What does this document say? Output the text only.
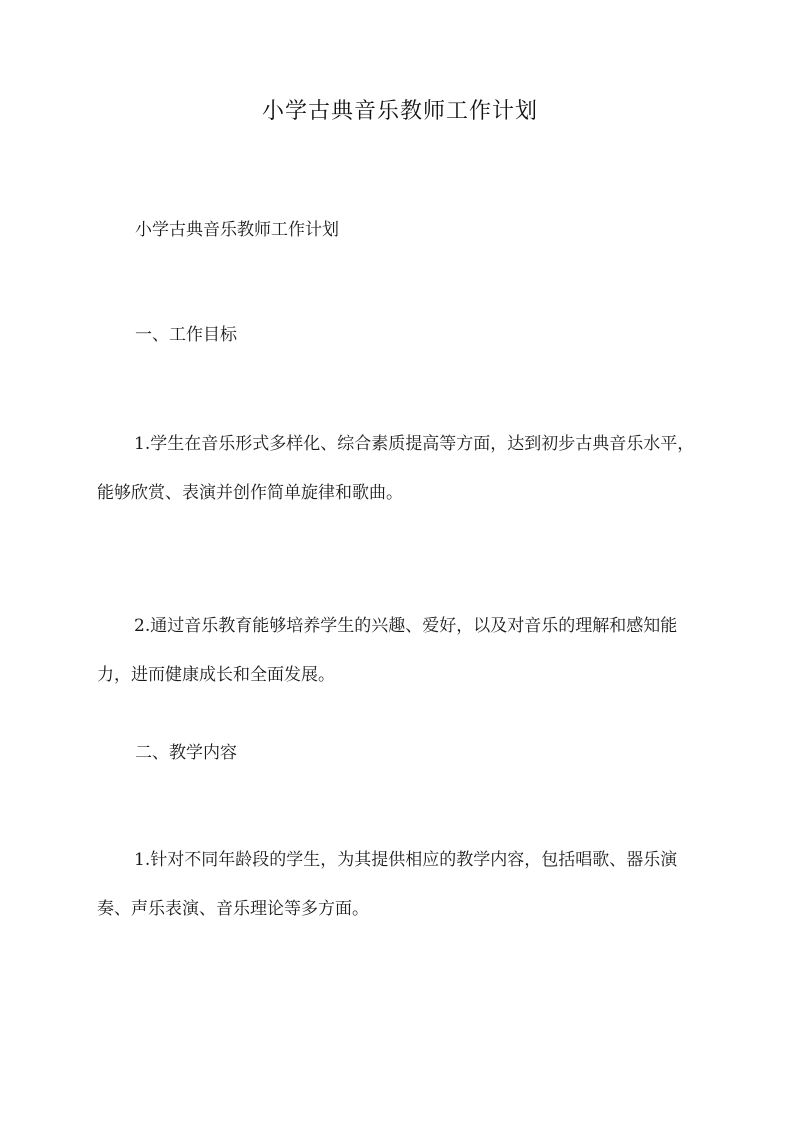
小学古典音乐教师工作计划

小学古典音乐教师工作计划

一、工作目标

1.学生在音乐形式多样化、综合素质提高等方面，达到初步古典音乐水平，能够欣赏、表演并创作简单旋律和歌曲。

2.通过音乐教育能够培养学生的兴趣、爱好，以及对音乐的理解和感知能力，进而健康成长和全面发展。

二、教学内容

1.针对不同年龄段的学生，为其提供相应的教学内容，包括唱歌、器乐演奏、声乐表演、音乐理论等多方面。
